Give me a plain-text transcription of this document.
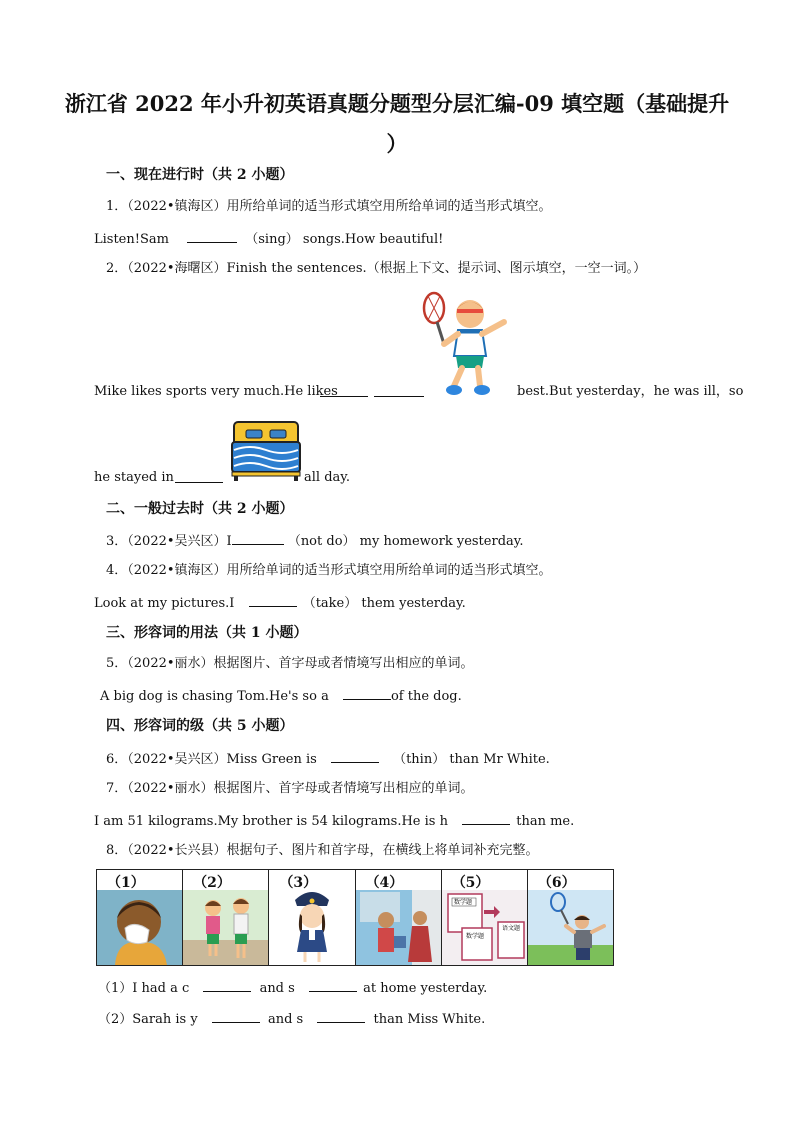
浙江省 2022 年小升初英语真题分题型分层汇编-09 填空题（基础提升
）
一、现在进行时（共 2 小题）
1．（2022•镇海区）用所给单词的适当形式填空用所给单词的适当形式填空。
Listen!Sam	（sing） songs.How beautiful!
2．（2022•海曙区）Finish the sentences.（根据上下文、提示词、图示填空，一空一词。）
Mike likes sports very much.He likes	best.But yesterday，he was ill，so
he stayed in	all day.
二、一般过去时（共 2 小题）
3．（2022•吴兴区）I	（not do） my homework yesterday.
4．（2022•镇海区）用所给单词的适当形式填空用所给单词的适当形式填空。
Look at my pictures.I	（take） them yesterday.
三、形容词的用法（共 1 小题）
5．（2022•丽水）根据图片、首字母或者情境写出相应的单词。
A big dog is chasing Tom.He's so a	of the dog.
四、形容词的级（共 5 小题）
6．（2022•吴兴区）Miss Green is	（thin） than Mr White.
7．（2022•丽水）根据图片、首字母或者情境写出相应的单词。
I am 51 kilograms.My brother is 54 kilograms.He is h	than me.
8．（2022•长兴县）根据句子、图片和首字母，在横线上将单词补充完整。
（1）	（2）	（3）	（4）	（5）
数学题
数学题
语文题
（6）
（1）I had a c	and s	at home yesterday.
（2）Sarah is y	and s	than Miss White.
